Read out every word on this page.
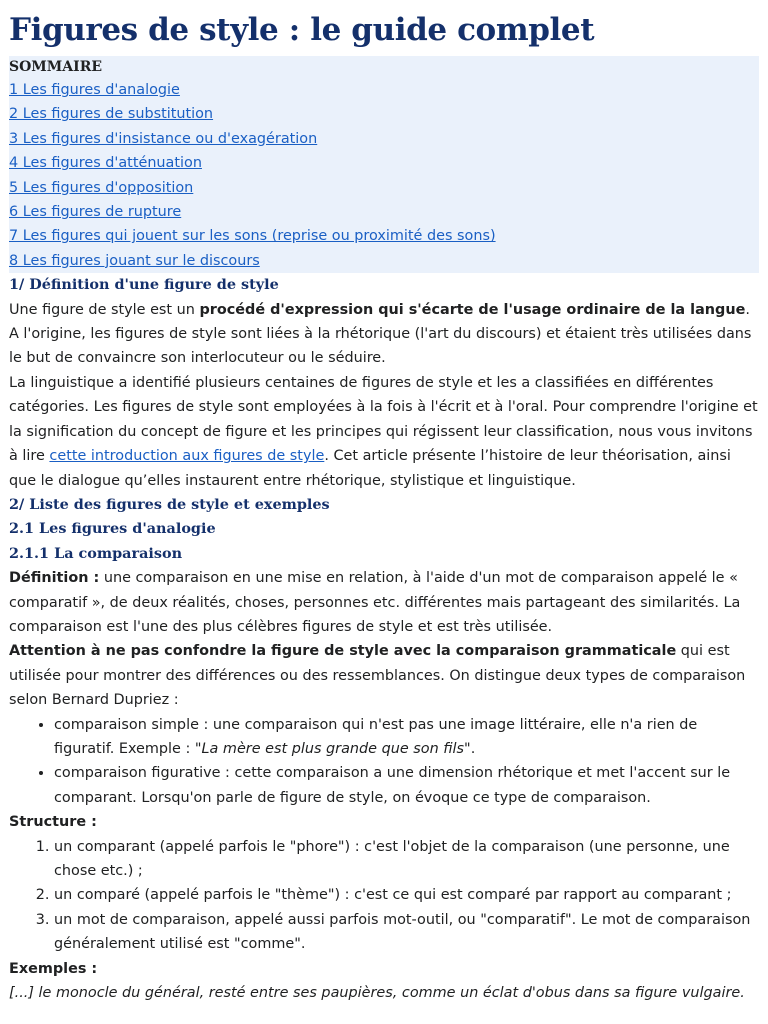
Figures de style : le guide complet
SOMMAIRE
1 Les figures d'analogie
2 Les figures de substitution
3 Les figures d'insistance ou d'exagération
4 Les figures d'atténuation
5 Les figures d'opposition
6 Les figures de rupture
7 Les figures qui jouent sur les sons (reprise ou proximité des sons)
8 Les figures jouant sur le discours
1/ Définition d'une figure de style

Une figure de style est un procédé d'expression qui s'écarte de l'usage ordinaire de la langue. A l'origine, les figures de style sont liées à la rhétorique (l'art du discours) et étaient très utilisées dans le but de convaincre son interlocuteur ou le séduire.

La linguistique a identifié plusieurs centaines de figures de style et les a classifiées en différentes catégories. Les figures de style sont employées à la fois à l'écrit et à l'oral. Pour comprendre l'origine et la signification du concept de figure et les principes qui régissent leur classification, nous vous invitons à lire cette introduction aux figures de style. Cet article présente l’histoire de leur théorisation, ainsi que le dialogue qu’elles instaurent entre rhétorique, stylistique et linguistique.

2/ Liste des figures de style et exemples
2.1 Les figures d'analogie
2.1.1 La comparaison

Définition : une comparaison en une mise en relation, à l'aide d'un mot de comparaison appelé le « comparatif », de deux réalités, choses, personnes etc. différentes mais partageant des similarités. La comparaison est l'une des plus célèbres figures de style et est très utilisée.

Attention à ne pas confondre la figure de style avec la comparaison grammaticale qui est utilisée pour montrer des différences ou des ressemblances. On distingue deux types de comparaison selon Bernard Dupriez :

• comparaison simple : une comparaison qui n'est pas une image littéraire, elle n'a rien de figuratif. Exemple : "La mère est plus grande que son fils".
• comparaison figurative : cette comparaison a une dimension rhétorique et met l'accent sur le comparant. Lorsqu'on parle de figure de style, on évoque ce type de comparaison.

Structure :

1. un comparant (appelé parfois le "phore") : c'est l'objet de la comparaison (une personne, une chose etc.) ;
2. un comparé (appelé parfois le "thème") : c'est ce qui est comparé par rapport au comparant ;
3. un mot de comparaison, appelé aussi parfois mot-outil, ou "comparatif". Le mot de comparaison généralement utilisé est "comme".

Exemples :

[...] le monocle du général, resté entre ses paupières, comme un éclat d'obus dans sa figure vulgaire.
